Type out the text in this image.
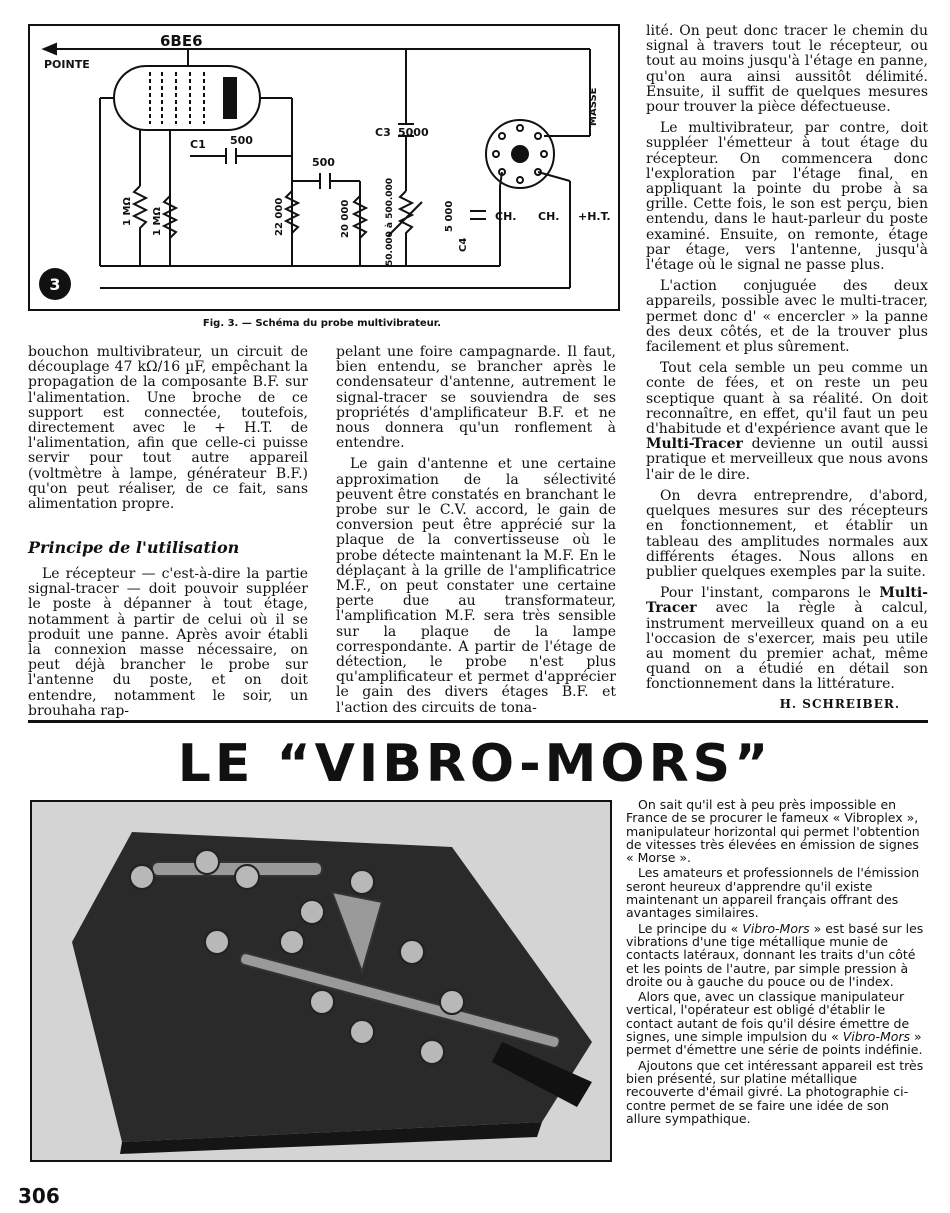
3
6BE6
POINTE
C1 500
500
C3 5000
1 MΩ
1 MΩ	22 000	20 000	50.000 à 500.000	C4
5 000	CH. CH. +H.T.
MASSE
Fig. 3. — Schéma du probe multivibrateur.

bouchon multivibrateur, un circuit de découplage 47 kΩ/16 µF, empêchant la propagation de la composante B.F. sur l'alimentation. Une broche de ce support est connectée, toutefois, directement avec le + H.T. de l'alimentation, afin que celle-ci puisse servir pour tout autre appareil (voltmètre à lampe, générateur B.F.) qu'on peut réaliser, de ce fait, sans alimentation propre.

Principe de l'utilisation

Le récepteur — c'est-à-dire la partie signal-tracer — doit pouvoir suppléer le poste à dépanner à tout étage, notamment à partir de celui où il se produit une panne. Après avoir établi la connexion masse nécessaire, on peut déjà brancher le probe sur l'antenne du poste, et on doit entendre, notamment le soir, un brouhaha rap-

pelant une foire campagnarde. Il faut, bien entendu, se brancher après le condensateur d'antenne, autrement le signal-tracer se souviendra de ses propriétés d'amplificateur B.F. et ne nous donnera qu'un ronflement à entendre.

Le gain d'antenne et une certaine approximation de la sélectivité peuvent être constatés en branchant le probe sur le C.V. accord, le gain de conversion peut être apprécié sur la plaque de la convertisseuse où le probe détecte maintenant la M.F. En le déplaçant à la grille de l'amplificatrice M.F., on peut constater une certaine perte due au transformateur, l'amplification M.F. sera très sensible sur la plaque de la lampe correspondante. A partir de l'étage de détection, le probe n'est plus qu'amplificateur et permet d'apprécier le gain des divers étages B.F. et l'action des circuits de tona-

lité. On peut donc tracer le chemin du signal à travers tout le récepteur, ou tout au moins jusqu'à l'étage en panne, qu'on aura ainsi aussitôt délimité. Ensuite, il suffit de quelques mesures pour trouver la pièce défectueuse.

Le multivibrateur, par contre, doit suppléer l'émetteur à tout étage du récepteur. On commencera donc l'exploration par l'étage final, en appliquant la pointe du probe à sa grille. Cette fois, le son est perçu, bien entendu, dans le haut-parleur du poste examiné. Ensuite, on remonte, étage par étage, vers l'antenne, jusqu'à l'étage où le signal ne passe plus.

L'action conjuguée des deux appareils, possible avec le multi-tracer, permet donc d' « encercler » la panne des deux côtés, et de la trouver plus facilement et plus sûrement.

Tout cela semble un peu comme un conte de fées, et on reste un peu sceptique quant à sa réalité. On doit reconnaître, en effet, qu'il faut un peu d'habitude et d'expérience avant que le Multi-Tracer devienne un outil aussi pratique et merveilleux que nous avons l'air de le dire.

On devra entreprendre, d'abord, quelques mesures sur des récepteurs en fonctionnement, et établir un tableau des amplitudes normales aux différents étages. Nous allons en publier quelques exemples par la suite.

Pour l'instant, comparons le Multi-Tracer avec la règle à calcul, instrument merveilleux quand on a eu l'occasion de s'exercer, mais peu utile au moment du premier achat, même quand on a étudié en détail son fonctionnement dans la littérature.

H. SCHREIBER.
LE “VIBRO-MORS”

On sait qu'il est à peu près impossible en France de se procurer le fameux « Vibroplex », manipulateur horizontal qui permet l'obtention de vitesses très élevées en émission de signes « Morse ».

Les amateurs et professionnels de l'émission seront heureux d'apprendre qu'il existe maintenant un appareil français offrant des avantages similaires.

Le principe du « Vibro-Mors » est basé sur les vibrations d'une tige métallique munie de contacts latéraux, donnant les traits d'un côté et les points de l'autre, par simple pression à droite ou à gauche du pouce ou de l'index.

Alors que, avec un classique manipulateur vertical, l'opérateur est obligé d'établir le contact autant de fois qu'il désire émettre de signes, une simple impulsion du « Vibro-Mors » permet d'émettre une série de points indéfinie.

Ajoutons que cet intéressant appareil est très bien présenté, sur platine métallique recouverte d'émail givré. La photographie ci-contre permet de se faire une idée de son allure sympathique.

306
